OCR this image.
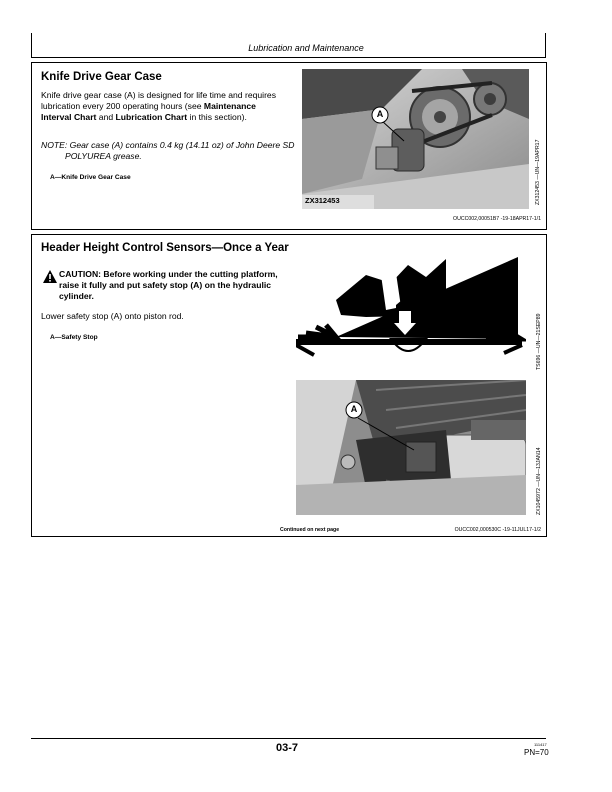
Lubrication and Maintenance
Knife Drive Gear Case
Knife drive gear case (A) is designed for life time and requires lubrication every 200 operating hours (see Maintenance Interval Chart and Lubrication Chart in this section).
NOTE: Gear case (A) contains 0.4 kg (14.11 oz) of John Deere SD POLYUREA grease.
A—Knife Drive Gear Case
A
ZX312453	ZX312453 —UN—19APR17
OUCC002,00051B7 -19-18APR17-1/1
Header Height Control Sensors—Once a Year
CAUTION: Before working under the cutting platform, raise it fully and put safety stop (A) on the hydraulic cylinder.
Lower safety stop (A) onto piston rod.
A—Safety Stop	TS696 —UN—21SEP89
A
ZX1045972 —UN—13JAN14
Continued on next page	OUCC002,000530C -19-11JUL17-1/2
03-7	111417
PN=70
